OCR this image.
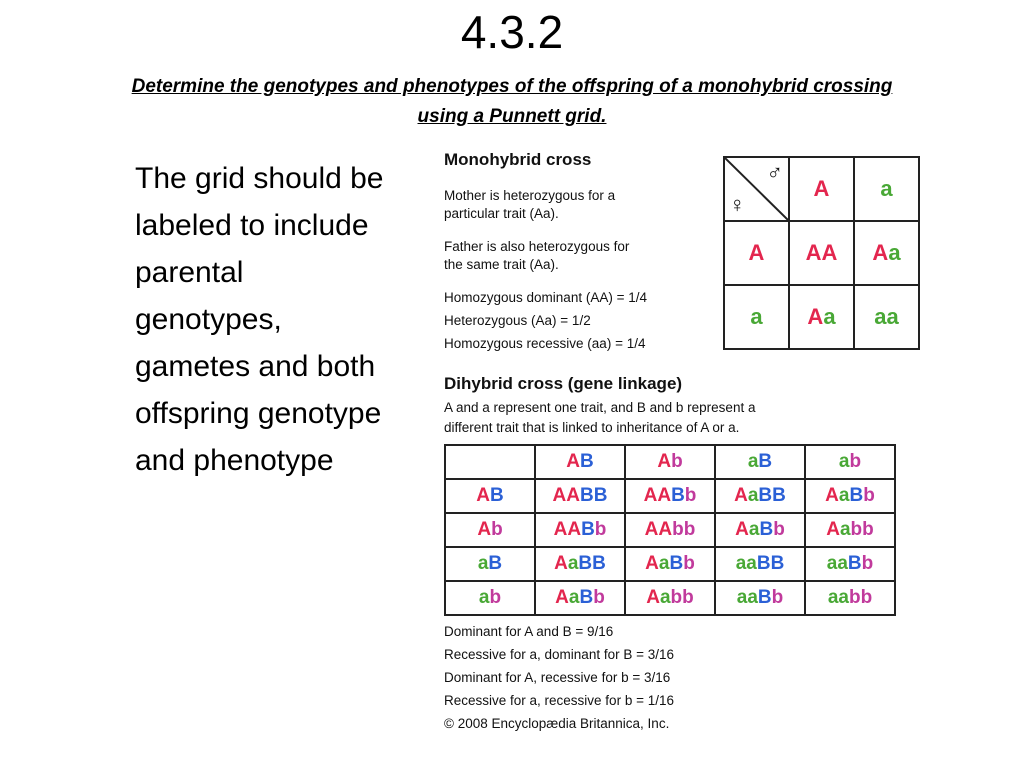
4.3.2

Determine the genotypes and phenotypes of the offspring of a monohybrid crossing using a Punnett grid.

The grid should be labeled to include parental genotypes, gametes and both offspring genotype and phenotype

Monohybrid cross
Mother is heterozygous for a
particular trait (Aa).
Father is also heterozygous for
the same trait (Aa).
Homozygous dominant (AA) = 1/4
Heterozygous (Aa) = 1/2
Homozygous recessive (aa) = 1/4
♂
♀	A	a
A	AA	Aa
a	Aa	aa
Dihybrid cross (gene linkage)
A and a represent one trait, and B and b represent a
different trait that is linked to inheritance of A or a.
	AB	Ab	aB	ab
AB	AABB	AABb	AaBB	AaBb
Ab	AABb	AAbb	AaBb	Aabb
aB	AaBB	AaBb	aaBB	aaBb
ab	AaBb	Aabb	aaBb	aabb
Dominant for A and B = 9/16
Recessive for a, dominant for B = 3/16
Dominant for A, recessive for b = 3/16
Recessive for a, recessive for b = 1/16
© 2008 Encyclopædia Britannica, Inc.
